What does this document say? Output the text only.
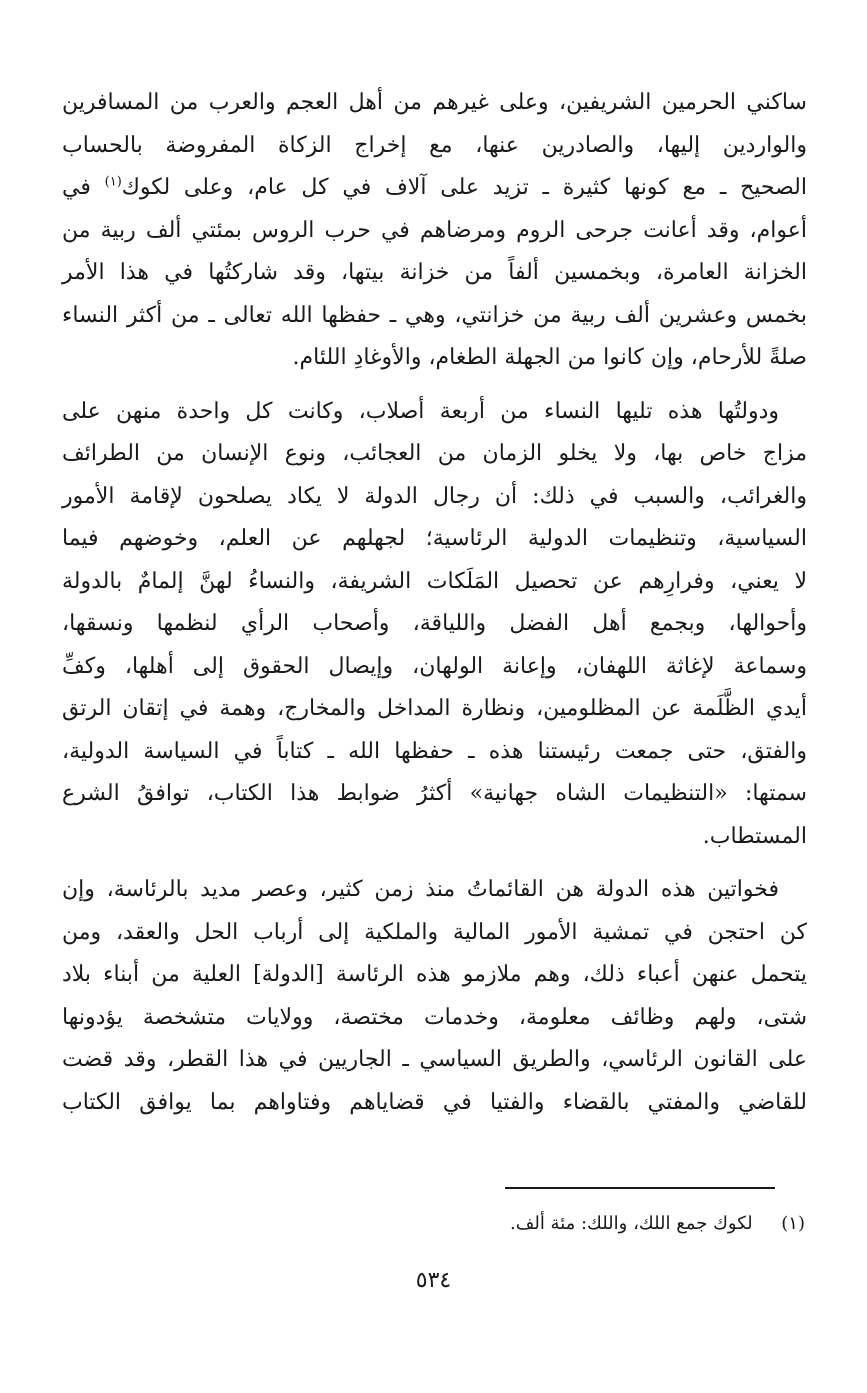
ساكني الحرمين الشريفين، وعلى غيرهم من أهل العجم والعرب من المسافرين
والواردين إليها، والصادرين عنها، مع إخراج الزكاة المفروضة بالحساب
الصحيح ـ مع كونها كثيرة ـ تزيد على آلاف في كل عام، وعلى لكوك$^{(١)}$ في
أعوام، وقد أعانت جرحى الروم ومرضاهم في حرب الروس بمئتي ألف ربية من
الخزانة العامرة، وبخمسين ألفاً من خزانة بيتها، وقد شاركتُها في هذا الأمر
بخمس وعشرين ألف ربية من خزانتي، وهي ـ حفظها الله تعالى ـ من أكثر النساء
صلةً للأرحام، وإن كانوا من الجهلة الطغام، والأوغادِ اللئام.

ودولتُها هذه تليها النساء من أربعة أصلاب، وكانت كل واحدة منهن على
مزاج خاص بها، ولا يخلو الزمان من العجائب، ونوع الإنسان من الطرائف
والغرائب، والسبب في ذلك: أن رجال الدولة لا يكاد يصلحون لإقامة الأمور
السياسية، وتنظيمات الدولية الرئاسية؛ لجهلهم عن العلم، وخوضهم فيما
لا يعني، وفرارِهم عن تحصيل المَلَكات الشريفة، والنساءُ لهنَّ إلمامٌ بالدولة
وأحوالها، وبجمع أهل الفضل واللياقة، وأصحاب الرأي لنظمها ونسقها،
وسماعة لإغاثة اللهفان، وإعانة الولهان، وإيصال الحقوق إلى أهلها، وكفِّ
أيدي الظَّلَمة عن المظلومين، ونظارة المداخل والمخارج، وهمة في إتقان الرتق
والفتق، حتى جمعت رئيستنا هذه ـ حفظها الله ـ كتاباً في السياسة الدولية،
سمتها: «التنظيمات الشاه جهانية» أكثرُ ضوابط هذا الكتاب، توافقُ الشرع
المستطاب.

فخواتين هذه الدولة هن القائماتُ منذ زمن كثير، وعصر مديد بالرئاسة، وإن
كن احتجن في تمشية الأمور المالية والملكية إلى أرباب الحل والعقد، ومن
يتحمل عنهن أعباء ذلك، وهم ملازمو هذه الرئاسة [الدولة] العلية من أبناء بلاد
شتى، ولهم وظائف معلومة، وخدمات مختصة، وولايات متشخصة يؤدونها
على القانون الرئاسي، والطريق السياسي ـ الجاريين في هذا القطر، وقد قضت
للقاضي والمفتي بالقضاء والفتيا في قضاياهم وفتاواهم بما يوافق الكتاب

(١)     لكوك جمع اللك، واللك: مئة ألف.
٥٣٤
